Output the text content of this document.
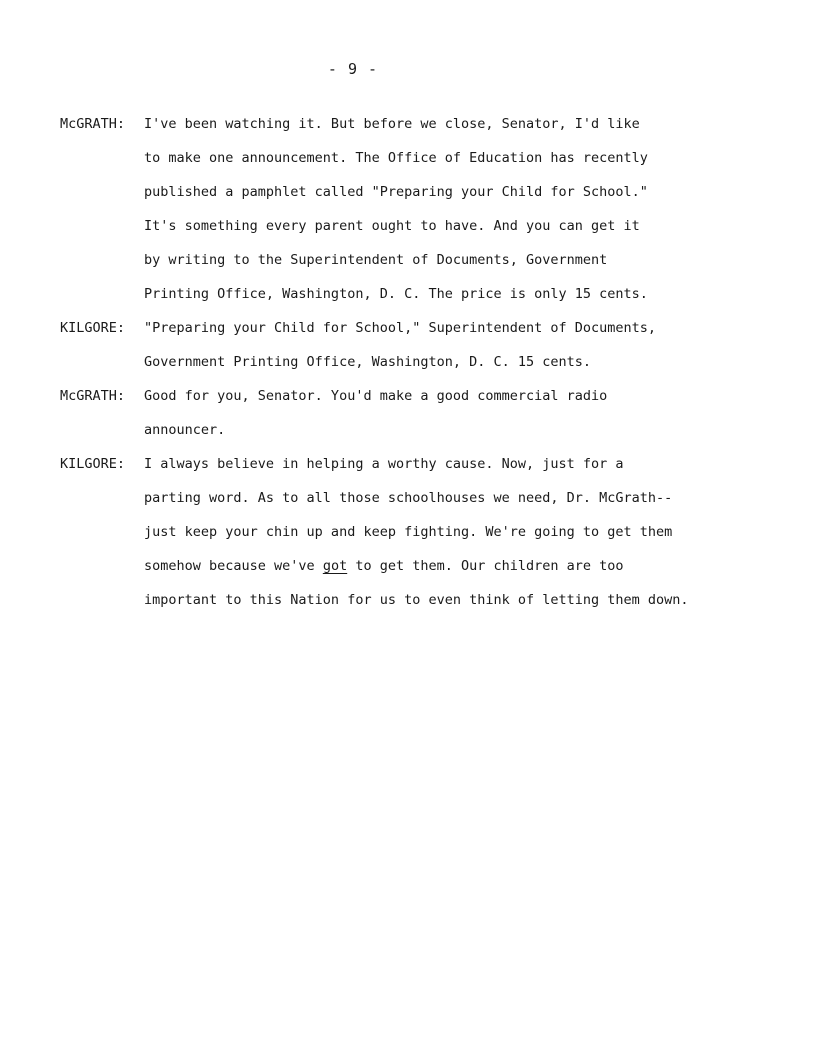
- 9 -
McGRATH: I've been watching it. But before we close, Senator, I'd like
to make one announcement. The Office of Education has recently
published a pamphlet called "Preparing your Child for School."
It's something every parent ought to have. And you can get it
by writing to the Superintendent of Documents, Government
Printing Office, Washington, D. C. The price is only 15 cents.
KILGORE: "Preparing your Child for School," Superintendent of Documents,
Government Printing Office, Washington, D. C. 15 cents.
McGRATH: Good for you, Senator. You'd make a good commercial radio
announcer.
KILGORE: I always believe in helping a worthy cause. Now, just for a
parting word. As to all those schoolhouses we need, Dr. McGrath--
just keep your chin up and keep fighting. We're going to get them
somehow because we've got to get them. Our children are too
important to this Nation for us to even think of letting them down.
